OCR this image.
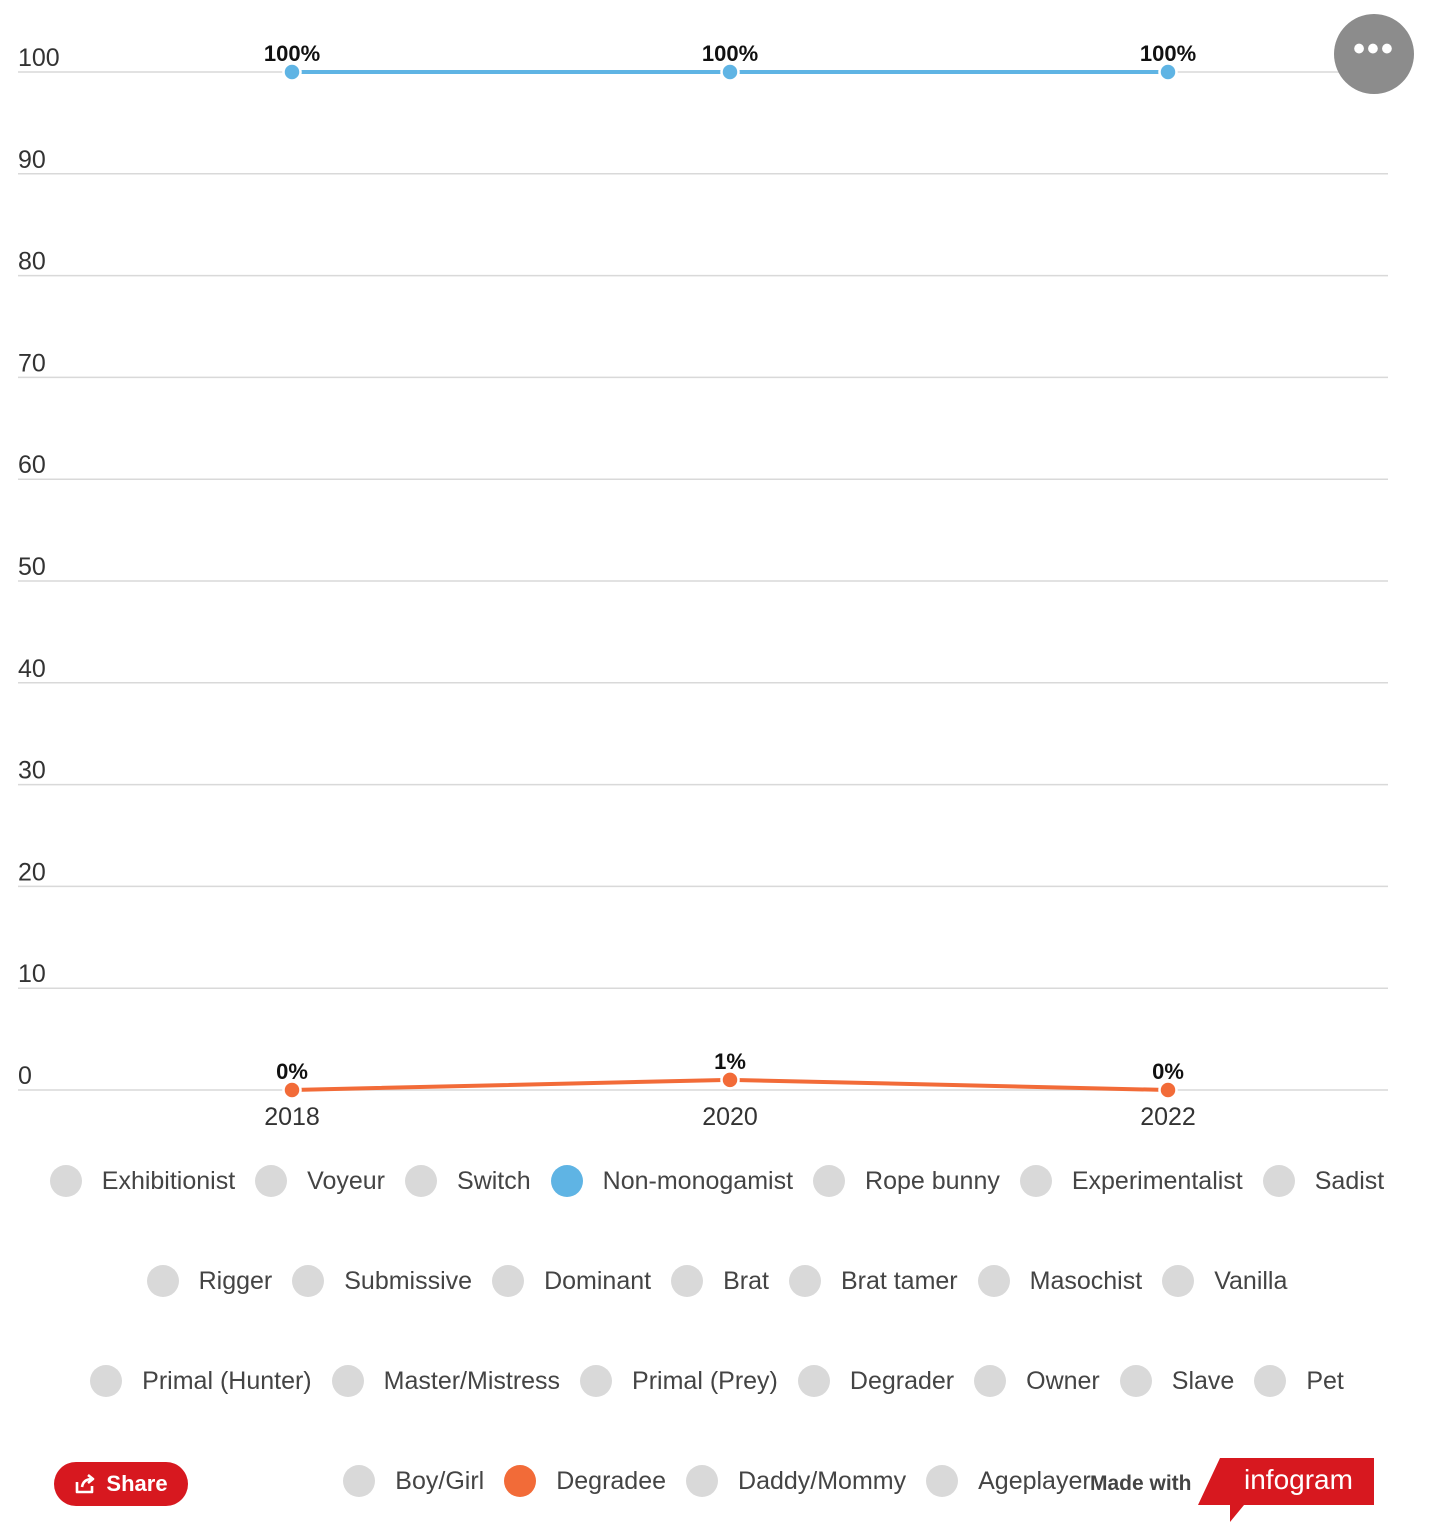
0
10
20
30
40
50
60
70
80
90
100
2018	2020	2022
100%	100%	100%
0%	1%	0%
•••
Exhibitionist	Voyeur	Switch	Non-monogamist	Rope bunny	Experimentalist	Sadist
Rigger	Submissive	Dominant	Brat	Brat tamer	Masochist	Vanilla
Primal (Hunter)	Master/Mistress	Primal (Prey)	Degrader	Owner	Slave	Pet
Boy/Girl	Degradee	Daddy/Mommy	Ageplayer
Share	Made with infogram
